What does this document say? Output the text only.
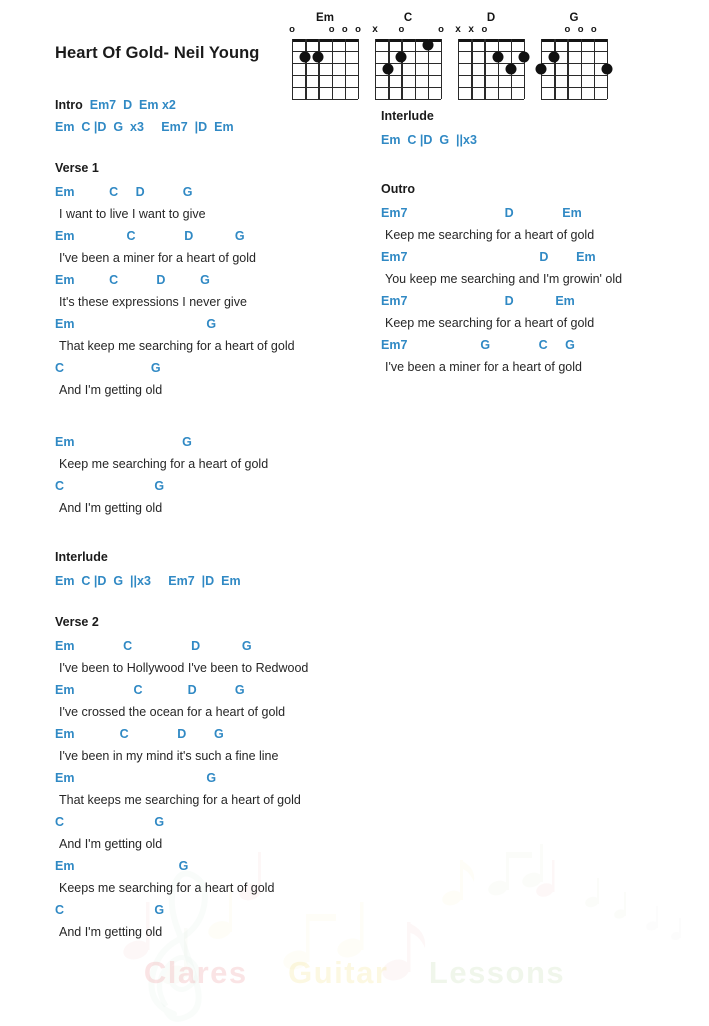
Clares Guitar Lessons
Heart Of Gold- Neil Young
Em
o	o o o
C
x o	o
D
x x o
G
o o o
Intro Em7  D  Em x2
Em  C |D  G  x3     Em7  |D  Em
Verse 1
Em          C     D           G
I want to live I want to give
Em               C              D            G
I've been a miner for a heart of gold
Em          C           D          G
It's these expressions I never give
Em                                      G
That keep me searching for a heart of gold
C                         G
And I'm getting old
Em                               G
Keep me searching for a heart of gold
C                          G
And I'm getting old
Interlude
Em  C |D  G  ||x3     Em7  |D  Em
Verse 2
Em              C                 D            G
I've been to Hollywood I've been to Redwood
Em                 C             D           G
I've crossed the ocean for a heart of gold
Em             C              D        G
I've been in my mind it's such a fine line
Em                                      G
That keeps me searching for a heart of gold
C                          G
And I'm getting old
Em                              G
Keeps me searching for a heart of gold
C                          G
And I'm getting old
Interlude
Em  C |D  G  ||x3
Outro
Em7                            D              Em
Keep me searching for a heart of gold
Em7                                      D        Em
You keep me searching and I'm growin' old
Em7                            D            Em
Keep me searching for a heart of gold
Em7                     G              C     G
I've been a miner for a heart of gold
